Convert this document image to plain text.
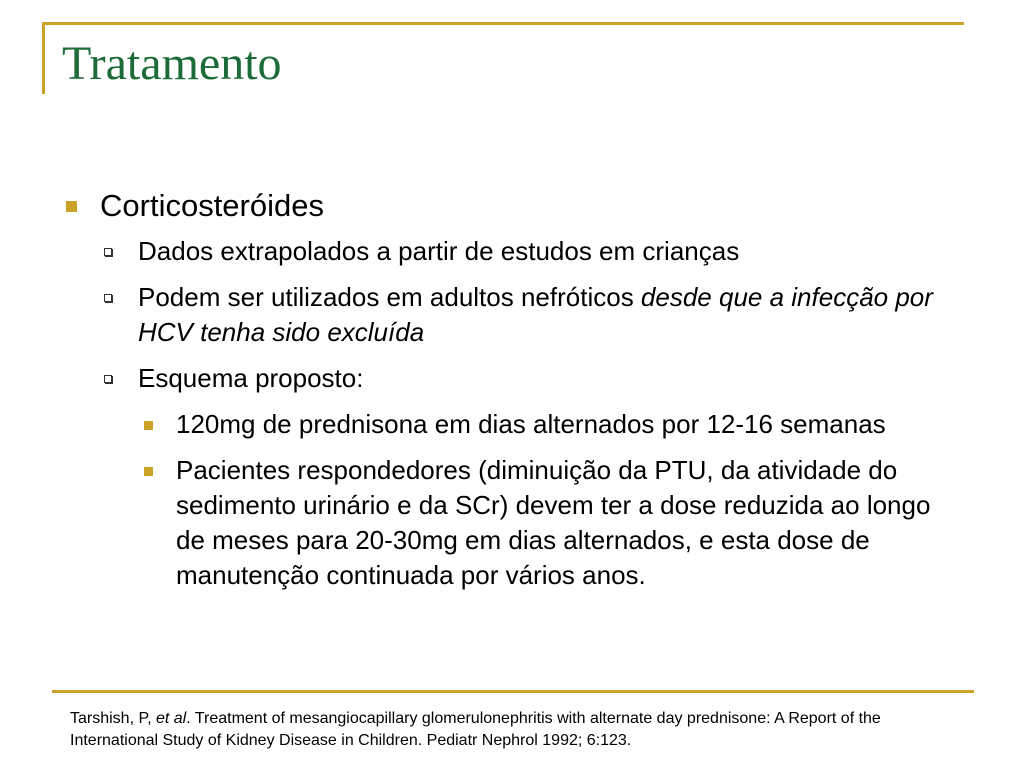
Tratamento
Corticosteróides
Dados extrapolados a partir de estudos em crianças
Podem ser utilizados em adultos nefróticos desde que a infecção por HCV tenha sido excluída
Esquema proposto:
120mg de prednisona em dias alternados por 12-16 semanas
Pacientes respondedores (diminuição da PTU, da atividade do sedimento urinário e da SCr) devem ter a dose reduzida ao longo de meses para 20-30mg em dias alternados, e esta dose de manutenção continuada por vários anos.
Tarshish, P, et al. Treatment of mesangiocapillary glomerulonephritis with alternate day prednisone: A Report of the International Study of Kidney Disease in Children. Pediatr Nephrol 1992; 6:123.
